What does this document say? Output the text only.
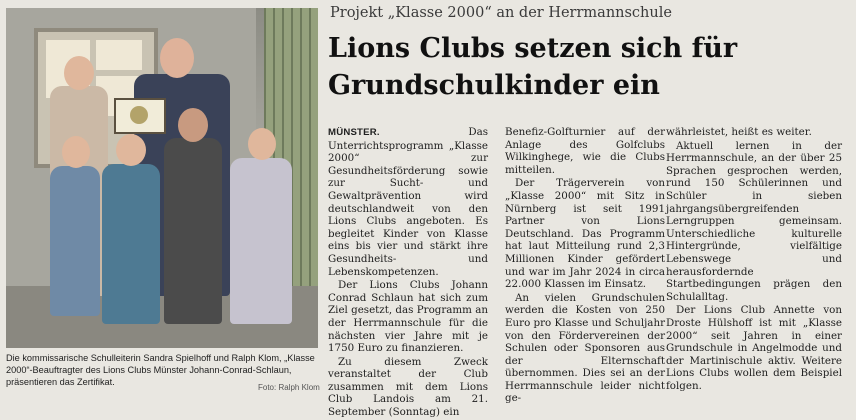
Die kommissarische Schulleiterin Sandra Spielhoff und Ralph Klom, „Klasse 2000“-Beauftragter des Lions Clubs Münster Johann-Conrad-Schlaun, präsentieren das Zertifikat.
Foto: Ralph Klom
Projekt „Klasse 2000“ an der Herrmannschule
Lions Clubs setzen sich für
Grundschulkinder ein

MÜNSTER.	Das Unterrichtsprogramm „Klasse 2000“ zur Gesundheitsförderung sowie zur Sucht- und Gewaltprävention wird deutschlandweit von den Lions Clubs angeboten. Es begleitet Kinder von Klasse eins bis vier und stärkt ihre Gesundheits- und Lebenskompetenzen.

Der Lions Clubs Johann Conrad Schlaun hat sich zum Ziel gesetzt, das Programm an der Herrmannschule für die nächsten vier Jahre mit je 1750 Euro zu finanzieren.

Zu diesem Zweck veranstaltet der Club zusammen mit dem Lions Club Landois am 21. September (Sonntag) ein

Benefiz-Golfturnier auf der Anlage des Golfclubs Wilkinghege, wie die Clubs mitteilen.

Der Trägerverein von „Klasse 2000“ mit Sitz in Nürnberg ist seit 1991 Partner von Lions Deutschland. Das Programm hat laut Mitteilung rund 2,3 Millionen Kinder gefördert und war im Jahr 2024 in circa 22.000 Klassen im Einsatz.

An vielen Grundschulen werden die Kosten von 250 Euro pro Klasse und Schuljahr von den Fördervereinen der Schulen oder Sponsoren aus der Elternschaft übernommen. Dies sei an der Herrmannschule leider nicht ge-

währleistet, heißt es weiter.

Aktuell lernen in der Herrmannschule, an der über 25 Sprachen gesprochen werden, rund 150 Schülerinnen und Schüler in sieben jahrgangsübergreifenden Lerngruppen gemeinsam. Unterschiedliche kulturelle Hintergründe, vielfältige Lebenswege und herausfordernde Startbedingungen prägen den Schulalltag.

Der Lions Club Annette von Droste Hülshoff ist mit „Klasse 2000“ seit Jahren in einer Grundschule in Angelmodde und der Martinischule aktiv. Weitere Lions Clubs wollen dem Beispiel folgen.
